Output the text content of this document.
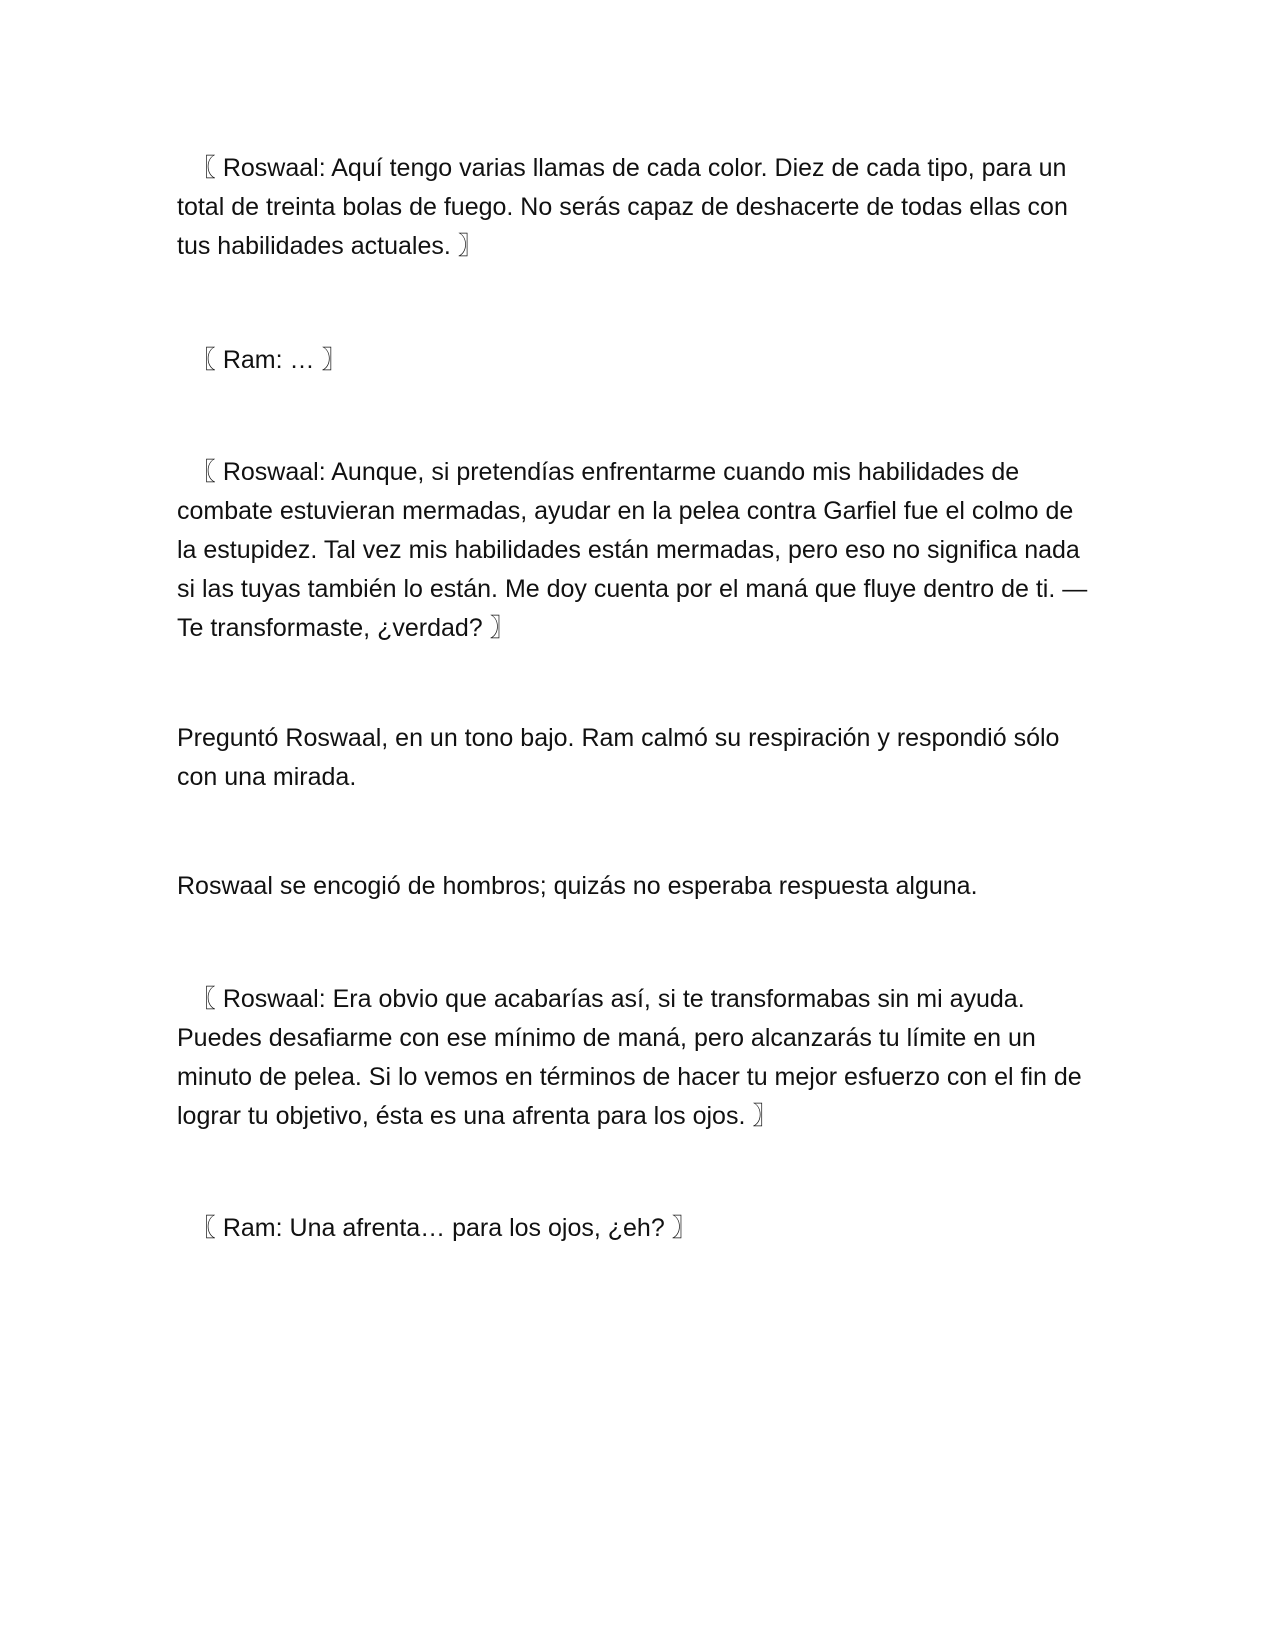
〖 Roswaal: Aquí tengo varias llamas de cada color. Diez de cada tipo, para un total de treinta bolas de fuego. No serás capaz de deshacerte de todas ellas con tus habilidades actuales. 〗

〖 Ram: … 〗

〖 Roswaal: Aunque, si pretendías enfrentarme cuando mis habilidades de combate estuvieran mermadas, ayudar en la pelea contra Garfiel fue el colmo de la estupidez. Tal vez mis habilidades están mermadas, pero eso no significa nada si las tuyas también lo están. Me doy cuenta por el maná que fluye dentro de ti. —Te transformaste, ¿verdad? 〗

Preguntó Roswaal, en un tono bajo. Ram calmó su respiración y respondió sólo con una mirada.

Roswaal se encogió de hombros; quizás no esperaba respuesta alguna.

〖 Roswaal: Era obvio que acabarías así, si te transformabas sin mi ayuda. Puedes desafiarme con ese mínimo de maná, pero alcanzarás tu límite en un minuto de pelea. Si lo vemos en términos de hacer tu mejor esfuerzo con el fin de lograr tu objetivo, ésta es una afrenta para los ojos. 〗

〖 Ram: Una afrenta… para los ojos, ¿eh? 〗
